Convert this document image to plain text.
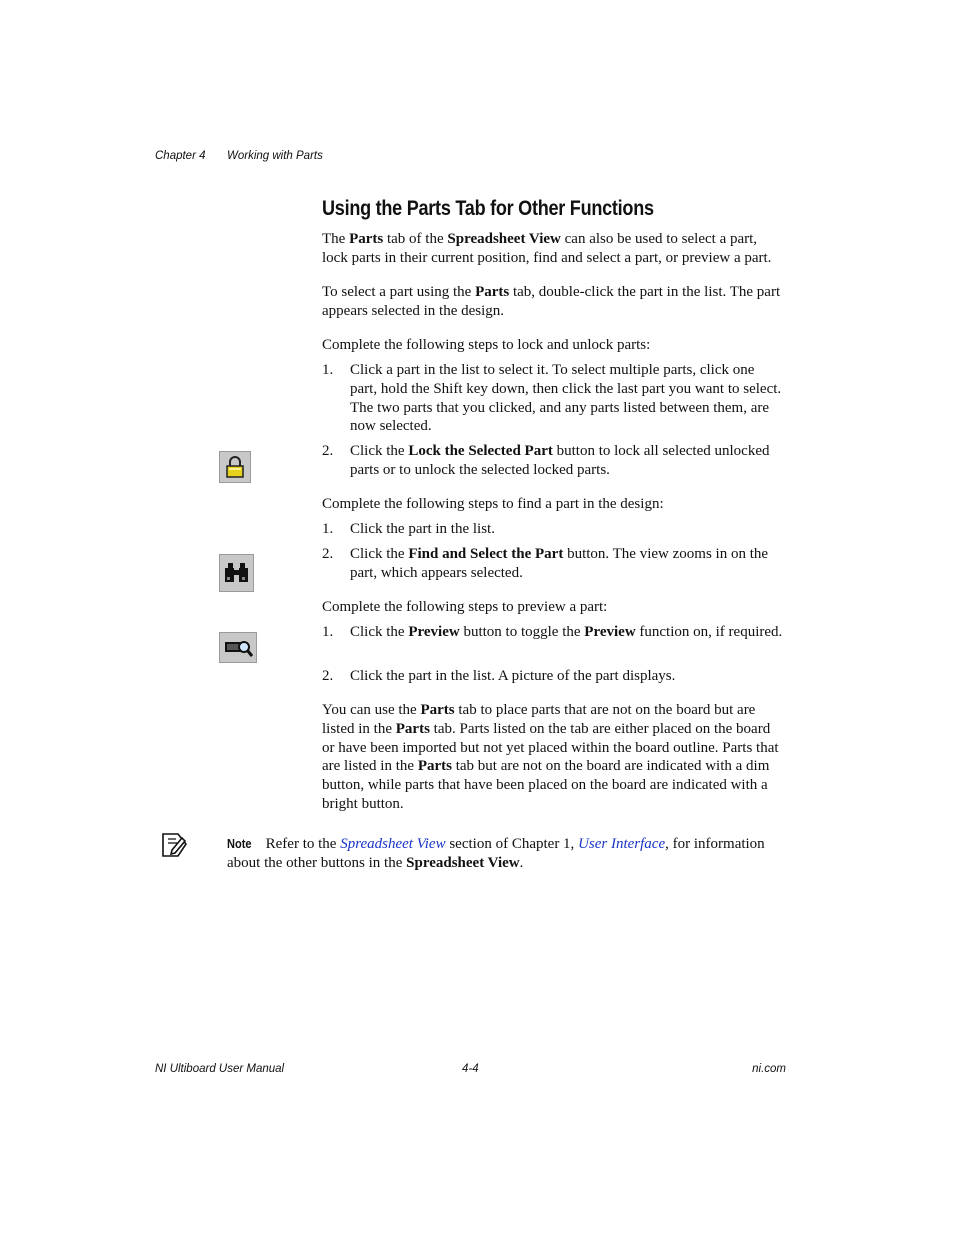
Chapter 4 Working with Parts
Using the Parts Tab for Other Functions

The Parts tab of the Spreadsheet View can also be used to select a part, lock parts in their current position, find and select a part, or preview a part.

To select a part using the Parts tab, double-click the part in the list. The part appears selected in the design.

Complete the following steps to lock and unlock parts:

1. Click a part in the list to select it. To select multiple parts, click one part, hold the Shift key down, then click the last part you want to select. The two parts that you clicked, and any parts listed between them, are now selected.
2. Click the Lock the Selected Part button to lock all selected unlocked parts or to unlock the selected locked parts.

Complete the following steps to find a part in the design:

1. Click the part in the list.
2. Click the Find and Select the Part button. The view zooms in on the part, which appears selected.

Complete the following steps to preview a part:

1. Click the Preview button to toggle the Preview function on, if required.
2. Click the part in the list. A picture of the part displays.

You can use the Parts tab to place parts that are not on the board but are listed in the Parts tab. Parts listed on the tab are either placed on the board or have been imported but not yet placed within the board outline. Parts that are listed in the Parts tab but are not on the board are indicated with a dim button, while parts that have been placed on the board are indicated with a bright button.

Note Refer to the Spreadsheet View section of Chapter 1, User Interface, for information about the other buttons in the Spreadsheet View.

NI Ultiboard User Manual	4-4	ni.com
